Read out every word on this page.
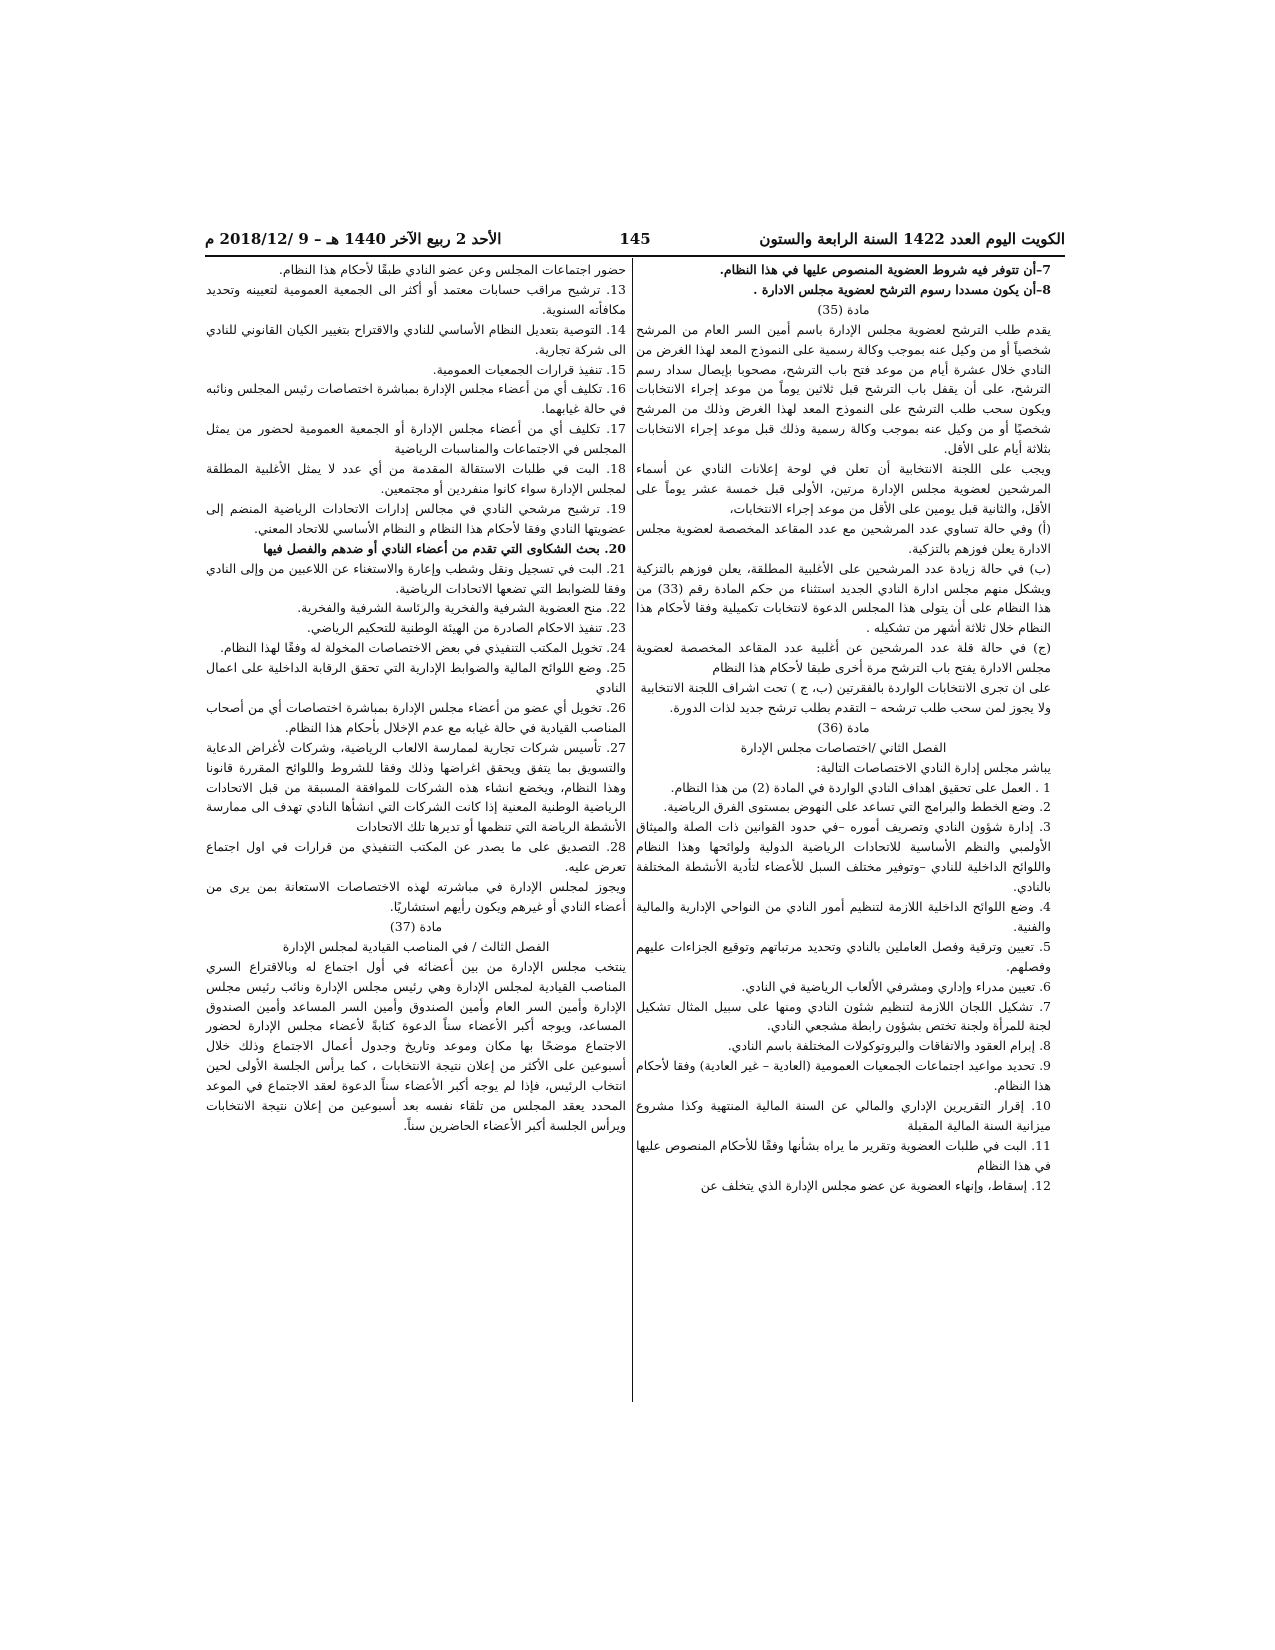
الكويت اليوم العدد 1422 السنة الرابعة والستون
145
الأحد 2 ربيع الآخر 1440 هـ – 9 /2018/12 م

7–أن تتوفر فيه شروط العضوية المنصوص عليها في هذا النظام.

8–أن يكون مسددا رسوم الترشح لعضوية مجلس الادارة .

مادة (35)

يقدم طلب الترشح لعضوية مجلس الإدارة باسم أمين السر العام من المرشح شخصياً أو من وكيل عنه بموجب وكالة رسمية على النموذج المعد لهذا الغرض من النادي خلال عشرة أيام من موعد فتح باب الترشح، مصحوبا بإيصال سداد رسم الترشح، على أن يقفل باب الترشح قبل ثلاثين يوماً من موعد إجراء الانتخابات ويكون سحب طلب الترشح على النموذج المعد لهذا الغرض وذلك من المرشح شخصيًا أو من وكيل عنه بموجب وكالة رسمية وذلك قبل موعد إجراء الانتخابات بثلاثة أيام على الأقل.

ويجب على اللجنة الانتخابية أن تعلن في لوحة إعلانات النادي عن أسماء المرشحين لعضوية مجلس الإدارة مرتين، الأولى قبل خمسة عشر يوماً على الأقل، والثانية قبل يومين على الأقل من موعد إجراء الانتخابات،

(أ) وفي حالة تساوي عدد المرشحين مع عدد المقاعد المخصصة لعضوية مجلس الادارة يعلن فوزهم بالتزكية.

(ب) في حالة زيادة عدد المرشحين على الأغلبية المطلقة، يعلن فوزهم بالتزكية ويشكل منهم مجلس ادارة النادي الجديد استثناء من حكم المادة رقم (33) من هذا النظام على أن يتولى هذا المجلس الدعوة لانتخابات تكميلية وفقا لأحكام هذا النظام خلال ثلاثة أشهر من تشكيله .

(ج) في حالة قلة عدد المرشحين عن أغلبية عدد المقاعد المخصصة لعضوية مجلس الادارة يفتح باب الترشح مرة أخرى طبقا لأحكام هذا النظام

على ان تجرى الانتخابات الواردة بالفقرتين (ب، ج ) تحت اشراف اللجنة الانتخابية

ولا يجوز لمن سحب طلب ترشحه – التقدم بطلب ترشح جديد لذات الدورة.

مادة (36)

الفصل الثاني /اختصاصات مجلس الإدارة

يباشر مجلس إدارة النادي الاختصاصات التالية:

1 . العمل على تحقيق اهداف النادي الواردة في المادة (2) من هذا النظام.

2. وضع الخطط والبرامج التي تساعد على النهوض بمستوى الفرق الرياضية.

3. إدارة شؤون النادي وتصريف أموره –في حدود القوانين ذات الصلة والميثاق الأولمبي والنظم الأساسية للاتحادات الرياضية الدولية ولوائحها وهذا النظام واللوائح الداخلية للنادي –وتوفير مختلف السبل للأعضاء لتأدية الأنشطة المختلفة بالنادي.

4. وضع اللوائح الداخلية اللازمة لتنظيم أمور النادي من النواحي الإدارية والمالية والفنية.

5. تعيين وترقية وفصل العاملين بالنادي وتحديد مرتباتهم وتوقيع الجزاءات عليهم وفصلهم.

6. تعيين مدراء وإداري ومشرفي الألعاب الرياضية في النادي.

7. تشكيل اللجان اللازمة لتنظيم شئون النادي ومنها على سبيل المثال تشكيل لجنة للمرأة ولجنة تختص بشؤون رابطة مشجعي النادي.

8. إبرام العقود والاتفاقات والبروتوكولات المختلفة باسم النادي.

9. تحديد مواعيد اجتماعات الجمعيات العمومية (العادية – غير العادية) وفقا لأحكام هذا النظام.

10. إقرار التقريرين الإداري والمالي عن السنة المالية المنتهية وكذا مشروع ميزانية السنة المالية المقبلة

11. البت في طلبات العضوية وتقرير ما يراه بشأنها وفقًا للأحكام المنصوص عليها في هذا النظام

12. إسقاط، وإنهاء العضوية عن عضو مجلس الإدارة الذي يتخلف عن

حضور اجتماعات المجلس وعن عضو النادي طبقًا لأحكام هذا النظام.

13. ترشيح مراقب حسابات معتمد أو أكثر الى الجمعية العمومية لتعيينه وتحديد مكافأته السنوية.

14. التوصية بتعديل النظام الأساسي للنادي والاقتراح بتغيير الكيان القانوني للنادي الى شركة تجارية.

15. تنفيذ قرارات الجمعيات العمومية.

16. تكليف أي من أعضاء مجلس الإدارة بمباشرة اختصاصات رئيس المجلس ونائبه في حالة غيابهما.

17. تكليف أي من أعضاء مجلس الإدارة أو الجمعية العمومية لحضور من يمثل المجلس في الاجتماعات والمناسبات الرياضية

18. البت في طلبات الاستقالة المقدمة من أي عدد لا يمثل الأغلبية المطلقة لمجلس الإدارة سواء كانوا منفردين أو مجتمعين.

19. ترشيح مرشحي النادي في مجالس إدارات الاتحادات الرياضية المنضم إلى عضويتها النادي وفقا لأحكام هذا النظام و النظام الأساسي للاتحاد المعني.

20. بحث الشكاوى التي تقدم من أعضاء النادي أو ضدهم والفصل فيها

21. البت في تسجيل ونقل وشطب وإعارة والاستغناء عن اللاعبين من وإلى النادي وفقا للضوابط التي تضعها الاتحادات الرياضية.

22. منح العضوية الشرفية والفخرية والرئاسة الشرفية والفخرية.

23. تنفيذ الاحكام الصادرة من الهيئة الوطنية للتحكيم الرياضي.

24. تخويل المكتب التنفيذي في بعض الاختصاصات المخولة له وفقًا لهذا النظام.

25. وضع اللوائح المالية والضوابط الإدارية التي تحقق الرقابة الداخلية على اعمال النادي

26. تخويل أي عضو من أعضاء مجلس الإدارة بمباشرة اختصاصات أي من أصحاب المناصب القيادية في حالة غيابه مع عدم الإخلال بأحكام هذا النظام.

27. تأسيس شركات تجارية لممارسة الالعاب الرياضية، وشركات لأغراض الدعاية والتسويق بما يتفق ويحقق اغراضها وذلك وفقا للشروط واللوائح المقررة قانونا وهذا النظام، ويخضع انشاء هذه الشركات للموافقة المسبقة من قبل الاتحادات الرياضية الوطنية المعنية إذا كانت الشركات التي انشأها النادي تهدف الى ممارسة الأنشطة الرياضة التي تنظمها أو تديرها تلك الاتحادات

28. التصديق على ما يصدر عن المكتب التنفيذي من قرارات في اول اجتماع تعرض عليه.

ويجوز لمجلس الإدارة في مباشرته لهذه الاختصاصات الاستعانة بمن يرى من أعضاء النادي أو غيرهم ويكون رأيهم استشاريًا.

مادة (37)

الفصل الثالث / في المناصب القيادية لمجلس الإدارة

ينتخب مجلس الإدارة من بين أعضائه في أول اجتماع له وبالاقتراع السري المناصب القيادية لمجلس الإدارة وهي رئيس مجلس الإدارة ونائب رئيس مجلس الإدارة وأمين السر العام وأمين الصندوق وأمين السر المساعد وأمين الصندوق المساعد، ويوجه أكبر الأعضاء سناً الدعوة كتابةً لأعضاء مجلس الإدارة لحضور الاجتماع موضحًا بها مكان وموعد وتاريخ وجدول أعمال الاجتماع وذلك خلال أسبوعين على الأكثر من إعلان نتيجة الانتخابات ، كما يرأس الجلسة الأولى لحين انتخاب الرئيس، فإذا لم يوجه أكبر الأعضاء سناً الدعوة لعقد الاجتماع في الموعد المحدد يعقد المجلس من تلقاء نفسه بعد أسبوعين من إعلان نتيجة الانتخابات ويرأس الجلسة أكبر الأعضاء الحاضرين سناً.
